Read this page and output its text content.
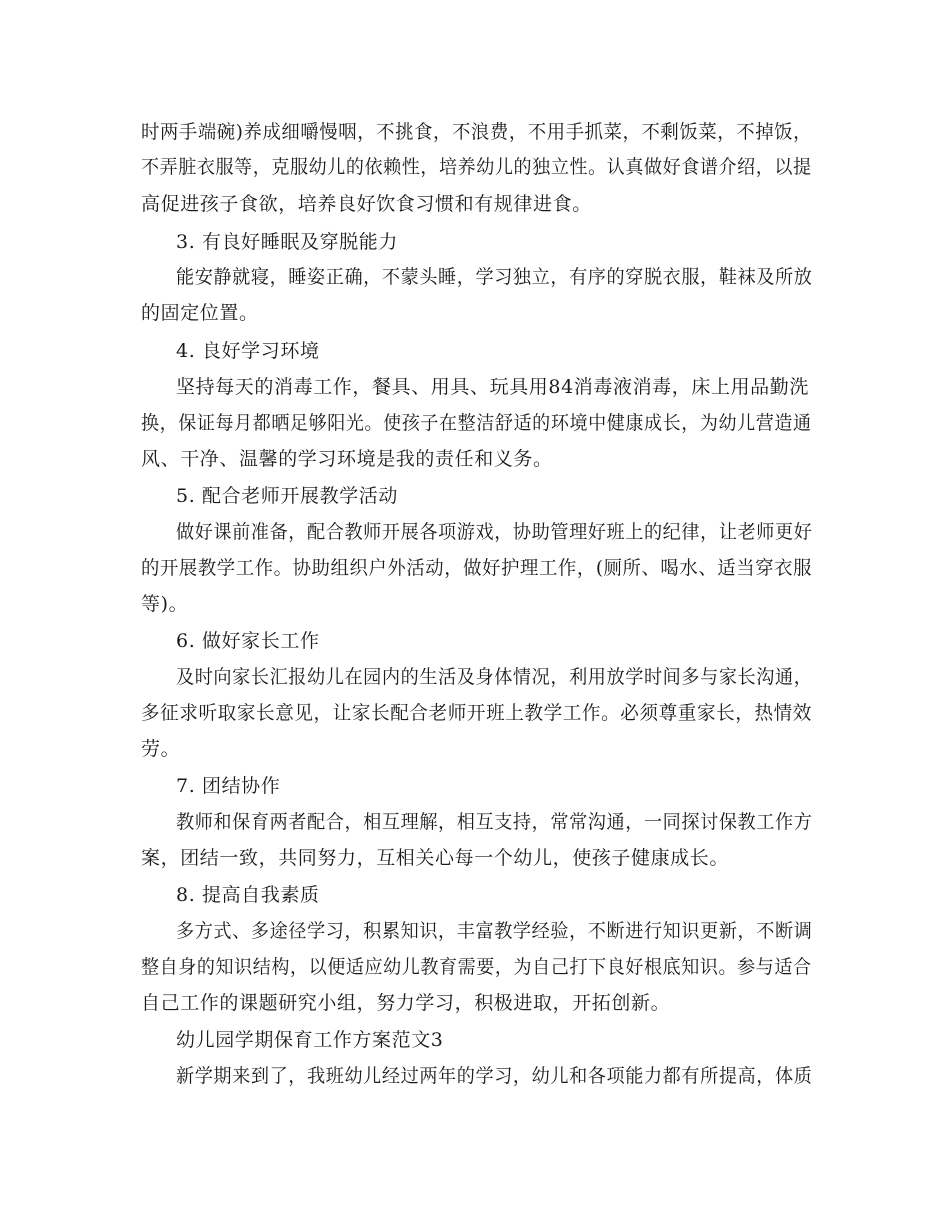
时两手端碗)养成细嚼慢咽，不挑食，不浪费，不用手抓菜，不剩饭菜，不掉饭，
不弄脏衣服等，克服幼儿的依赖性，培养幼儿的独立性。认真做好食谱介绍，以提
高促进孩子食欲，培养良好饮食习惯和有规律进食。
3. 有良好睡眠及穿脱能力
能安静就寝，睡姿正确，不蒙头睡，学习独立，有序的穿脱衣服，鞋袜及所放
的固定位置。
4. 良好学习环境
坚持每天的消毒工作，餐具、用具、玩具用84消毒液消毒，床上用品勤洗
换，保证每月都晒足够阳光。使孩子在整洁舒适的环境中健康成长，为幼儿营造通
风、干净、温馨的学习环境是我的责任和义务。
5. 配合老师开展教学活动
做好课前准备，配合教师开展各项游戏，协助管理好班上的纪律，让老师更好
的开展教学工作。协助组织户外活动，做好护理工作，(厕所、喝水、适当穿衣服
等)。
6. 做好家长工作
及时向家长汇报幼儿在园内的生活及身体情况，利用放学时间多与家长沟通，
多征求听取家长意见，让家长配合老师开班上教学工作。必须尊重家长，热情效
劳。
7. 团结协作
教师和保育两者配合，相互理解，相互支持，常常沟通，一同探讨保教工作方
案，团结一致，共同努力，互相关心每一个幼儿，使孩子健康成长。
8. 提高自我素质
多方式、多途径学习，积累知识，丰富教学经验，不断进行知识更新，不断调
整自身的知识结构，以便适应幼儿教育需要，为自己打下良好根底知识。参与适合
自己工作的课题研究小组，努力学习，积极进取，开拓创新。
幼儿园学期保育工作方案范文3
新学期来到了，我班幼儿经过两年的学习，幼儿和各项能力都有所提高，体质
